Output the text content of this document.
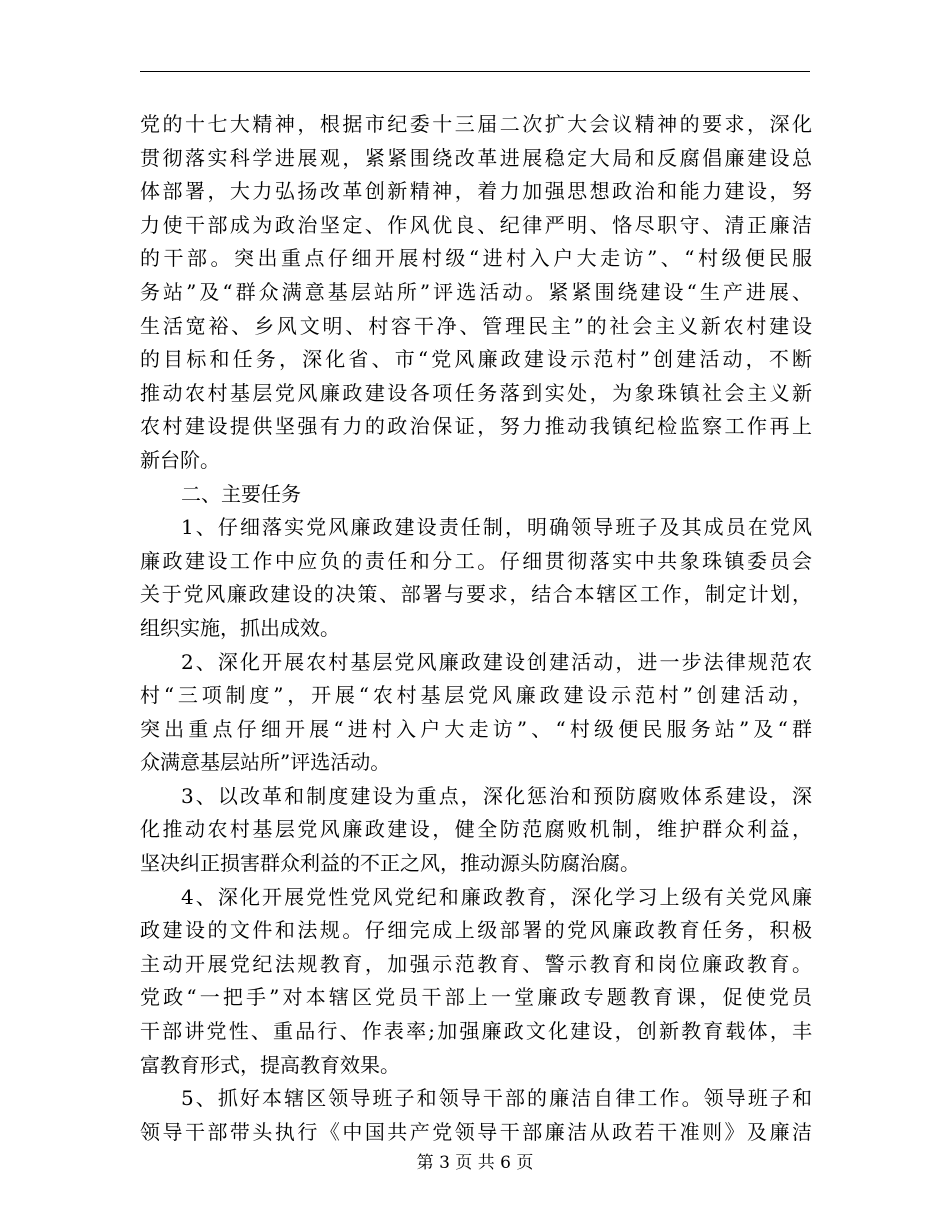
党的十七大精神，根据市纪委十三届二次扩大会议精神的要求，深化
贯彻落实科学进展观，紧紧围绕改革进展稳定大局和反腐倡廉建设总
体部署，大力弘扬改革创新精神，着力加强思想政治和能力建设，努
力使干部成为政治坚定、作风优良、纪律严明、恪尽职守、清正廉洁
的干部。突出重点仔细开展村级“进村入户大走访”、“村级便民服
务站”及“群众满意基层站所”评选活动。紧紧围绕建设“生产进展、
生活宽裕、乡风文明、村容干净、管理民主”的社会主义新农村建设
的目标和任务，深化省、市“党风廉政建设示范村”创建活动，不断
推动农村基层党风廉政建设各项任务落到实处，为象珠镇社会主义新
农村建设提供坚强有力的政治保证，努力推动我镇纪检监察工作再上
新台阶。
二、主要任务
1、仔细落实党风廉政建设责任制，明确领导班子及其成员在党风
廉政建设工作中应负的责任和分工。仔细贯彻落实中共象珠镇委员会
关于党风廉政建设的决策、部署与要求，结合本辖区工作，制定计划，
组织实施，抓出成效。
2、深化开展农村基层党风廉政建设创建活动，进一步法律规范农
村“三项制度”，开展“农村基层党风廉政建设示范村”创建活动，
突出重点仔细开展“进村入户大走访”、“村级便民服务站”及“群
众满意基层站所”评选活动。
3、以改革和制度建设为重点，深化惩治和预防腐败体系建设，深
化推动农村基层党风廉政建设，健全防范腐败机制，维护群众利益，
坚决纠正损害群众利益的不正之风，推动源头防腐治腐。
4、深化开展党性党风党纪和廉政教育，深化学习上级有关党风廉
政建设的文件和法规。仔细完成上级部署的党风廉政教育任务，积极
主动开展党纪法规教育，加强示范教育、警示教育和岗位廉政教育。
党政“一把手”对本辖区党员干部上一堂廉政专题教育课，促使党员
干部讲党性、重品行、作表率;加强廉政文化建设，创新教育载体，丰
富教育形式，提高教育效果。
5、抓好本辖区领导班子和领导干部的廉洁自律工作。领导班子和
领导干部带头执行《中国共产党领导干部廉洁从政若干准则》及廉洁
第 3 页 共 6 页
